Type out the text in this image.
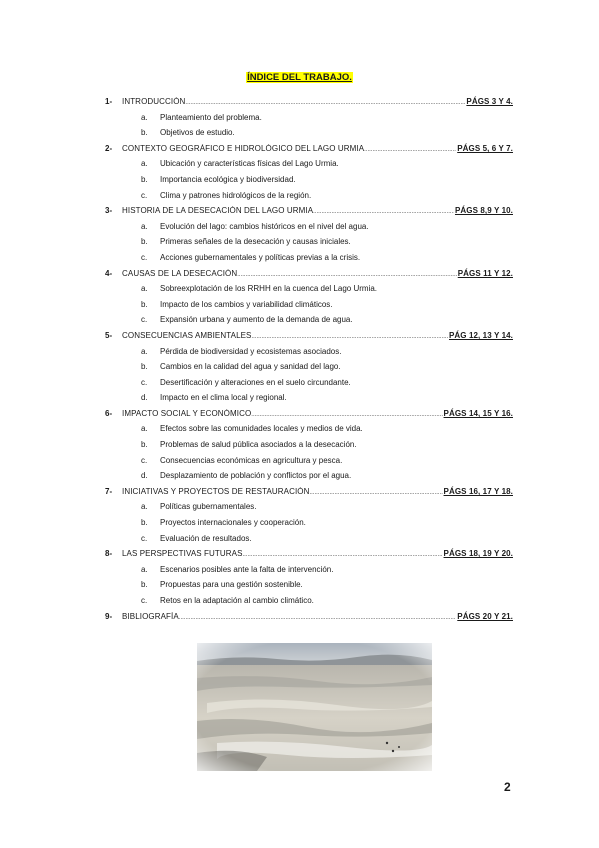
ÍNDICE DEL TRABAJO.
1- INTRODUCCIÓN .....	PÁGS 3 Y 4.
a. Planteamiento del problema.
b. Objetivos de estudio.
2- CONTEXTO GEOGRÁFICO E HIDROLÓGICO DEL LAGO URMIA .....	PÁGS 5, 6 Y 7.
a. Ubicación y características físicas del Lago Urmia.
b. Importancia ecológica y biodiversidad.
c. Clima y patrones hidrológicos de la región.
3- HISTORIA DE LA DESECACIÓN DEL LAGO URMIA .....	PÁGS 8,9 Y 10.
a. Evolución del lago: cambios históricos en el nivel del agua.
b. Primeras señales de la desecación y causas iniciales.
c. Acciones gubernamentales y políticas previas a la crisis.
4- CAUSAS DE LA DESECACIÓN .....	PÁGS 11 Y 12.
a. Sobreexplotación de los RRHH en la cuenca del Lago Urmia.
b. Impacto de los cambios y variabilidad climáticos.
c. Expansión urbana y aumento de la demanda de agua.
5- CONSECUENCIAS AMBIENTALES .....	PÁG 12, 13 Y 14.
a. Pérdida de biodiversidad y ecosistemas asociados.
b. Cambios en la calidad del agua y sanidad del lago.
c. Desertificación y alteraciones en el suelo circundante.
d. Impacto en el clima local y regional.
6- IMPACTO SOCIAL Y ECONÓMICO .....	PÁGS 14, 15 Y 16.
a. Efectos sobre las comunidades locales y medios de vida.
b. Problemas de salud pública asociados a la desecación.
c. Consecuencias económicas en agricultura y pesca.
d. Desplazamiento de población y conflictos por el agua.
7- INICIATIVAS Y PROYECTOS DE RESTAURACIÓN .....	PÁGS 16, 17 Y 18.
a. Políticas gubernamentales.
b. Proyectos internacionales y cooperación.
c. Evaluación de resultados.
8- LAS PERSPECTIVAS FUTURAS .....	PÁGS 18, 19 Y 20.
a. Escenarios posibles ante la falta de intervención.
b. Propuestas para una gestión sostenible.
c. Retos en la adaptación al cambio climático.
9- BIBLIOGRAFÍA .....	PÁGS 20 Y 21.
2
